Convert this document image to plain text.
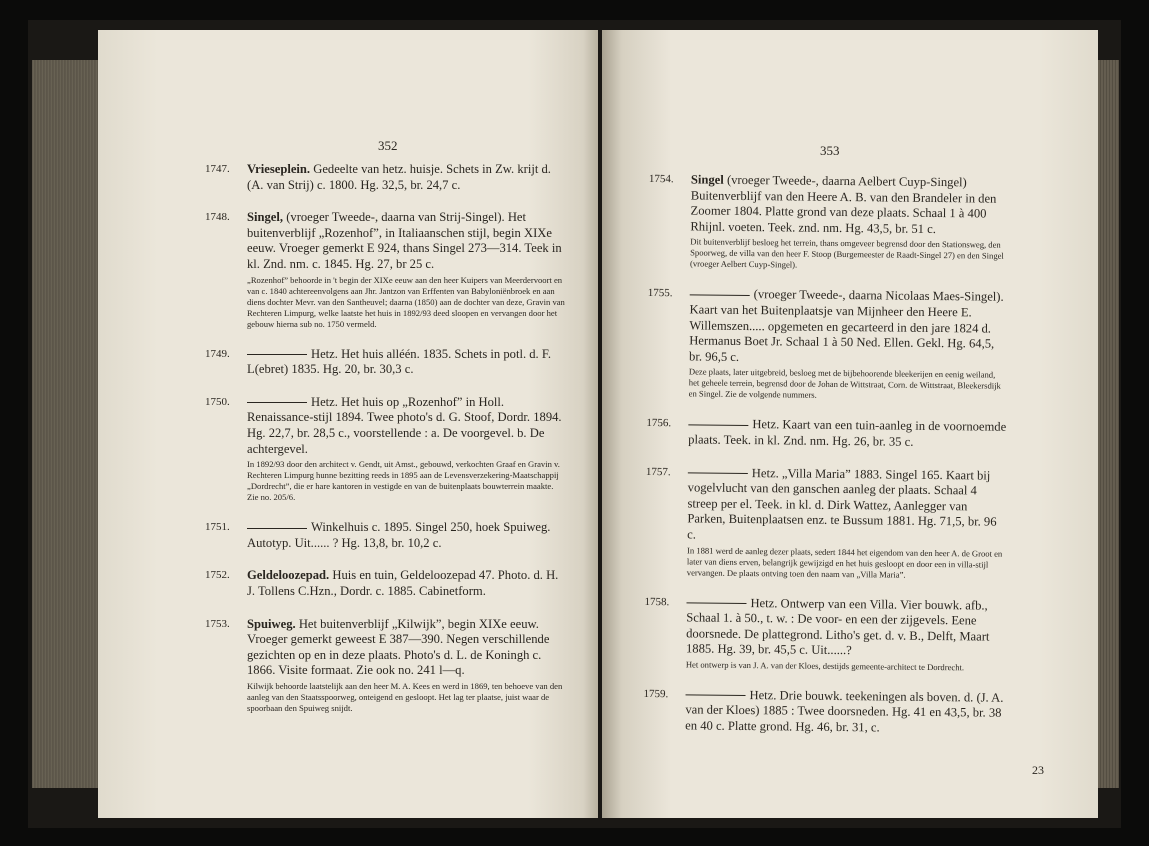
352
1747. Vrieseplein. Gedeelte van hetz. huisje. Schets in Zw. krijt d. (A. van Strij) c. 1800. Hg. 32,5, br. 24,7 c.

1748. Singel, (vroeger Tweede-, daarna van Strij-Singel). Het buitenverblijf „Rozenhof”, in Italiaanschen stijl, begin XIXe eeuw. Vroeger gemerkt E 924, thans Singel 273—314. Teek in kl. Znd. nm. c. 1845. Hg. 27, br 25 c.

„Rozenhof” behoorde in 't begin der XIXe eeuw aan den heer Kuipers van Meerdervoort en van c. 1840 achtereenvolgens aan Jhr. Jantzon van Erffenten van Babyloniënbroek en aan diens dochter Mevr. van den Santheuvel; daarna (1850) aan de dochter van deze, Gravin van Rechteren Limpurg, welke laatste het huis in 1892/93 deed sloopen en vervangen door het gebouw hierna sub no. 1750 vermeld.

1749.	Hetz. Het huis alléén. 1835. Schets in potl. d. F. L(ebret) 1835. Hg. 20, br. 30,3 c.

1750.	Hetz. Het huis op „Rozenhof” in Holl. Renaissance-stijl 1894. Twee photo's d. G. Stoof, Dordr. 1894. Hg. 22,7, br. 28,5 c., voorstellende : a. De voorgevel. b. De achtergevel.

In 1892/93 door den architect v. Gendt, uit Amst., gebouwd, verkochten Graaf en Gravin v. Rechteren Limpurg hunne bezitting reeds in 1895 aan de Levensverzekering-Maatschappij „Dordrecht”, die er hare kantoren in vestigde en van de buitenplaats bouwterrein maakte. Zie no. 205/6.

1751.	Winkelhuis c. 1895. Singel 250, hoek Spuiweg. Autotyp. Uit...... ? Hg. 13,8, br. 10,2 c.

1752. Geldeloozepad. Huis en tuin, Geldeloozepad 47. Photo. d. H. J. Tollens C.Hzn., Dordr. c. 1885. Cabinetform.

1753. Spuiweg. Het buitenverblijf „Kilwijk”, begin XIXe eeuw. Vroeger gemerkt geweest E 387—390. Negen verschillende gezichten op en in deze plaats. Photo's d. L. de Koningh c. 1866. Visite formaat. Zie ook no. 241 l—q.

Kilwijk behoorde laatstelijk aan den heer M. A. Kees en werd in 1869, ten behoeve van den aanleg van den Staatsspoorweg, onteigend en gesloopt. Het lag ter plaatse, juist waar de spoorbaan den Spuiweg snijdt.

353
1754. Singel (vroeger Tweede-, daarna Aelbert Cuyp-Singel) Buitenverblijf van den Heere A. B. van den Brandeler in den Zoomer 1804. Platte grond van deze plaats. Schaal 1 à 400 Rhijnl. voeten. Teek. znd. nm. Hg. 43,5, br. 51 c.

Dit buitenverblijf besloeg het terrein, thans omgeveer begrensd door den Stationsweg, den Spoorweg, de villa van den heer F. Stoop (Burgemeester de Raadt-Singel 27) en den Singel (vroeger Aelbert Cuyp-Singel).

1755.	(vroeger Tweede-, daarna Nicolaas Maes-Singel). Kaart van het Buitenplaatsje van Mijnheer den Heere E. Willemszen..... opgemeten en gecarteerd in den jare 1824 d. Hermanus Boet Jr. Schaal 1 à 50 Ned. Ellen. Gekl. Hg. 64,5, br. 96,5 c.

Deze plaats, later uitgebreid, besloeg met de bijbehoorende bleekerijen en eenig weiland, het geheele terrein, begrensd door de Johan de Wittstraat, Corn. de Wittstraat, Bleekersdijk en Singel. Zie de volgende nummers.

1756.	Hetz. Kaart van een tuin-aanleg in de voornoemde plaats. Teek. in kl. Znd. nm. Hg. 26, br. 35 c.

1757.	Hetz. „Villa Maria” 1883. Singel 165. Kaart bij vogelvlucht van den ganschen aanleg der plaats. Schaal 4 streep per el. Teek. in kl. d. Dirk Wattez, Aanlegger van Parken, Buitenplaatsen enz. te Bussum 1881. Hg. 71,5, br. 96 c.

In 1881 werd de aanleg dezer plaats, sedert 1844 het eigendom van den heer A. de Groot en later van diens erven, belangrijk gewijzigd en het huis gesloopt en door een in villa-stijl vervangen. De plaats ontving toen den naam van „Villa Maria”.

1758.	Hetz. Ontwerp van een Villa. Vier bouwk. afb., Schaal 1. à 50., t. w. : De voor- en een der zijgevels. Eene doorsnede. De plattegrond. Litho's get. d. v. B., Delft, Maart 1885. Hg. 39, br. 45,5 c. Uit......?

Het ontwerp is van J. A. van der Kloes, destijds gemeente-architect te Dordrecht.

1759.	Hetz. Drie bouwk. teekeningen als boven. d. (J. A. van der Kloes) 1885 : Twee doorsneden. Hg. 41 en 43,5, br. 38 en 40 c. Platte grond. Hg. 46, br. 31, c.

23
